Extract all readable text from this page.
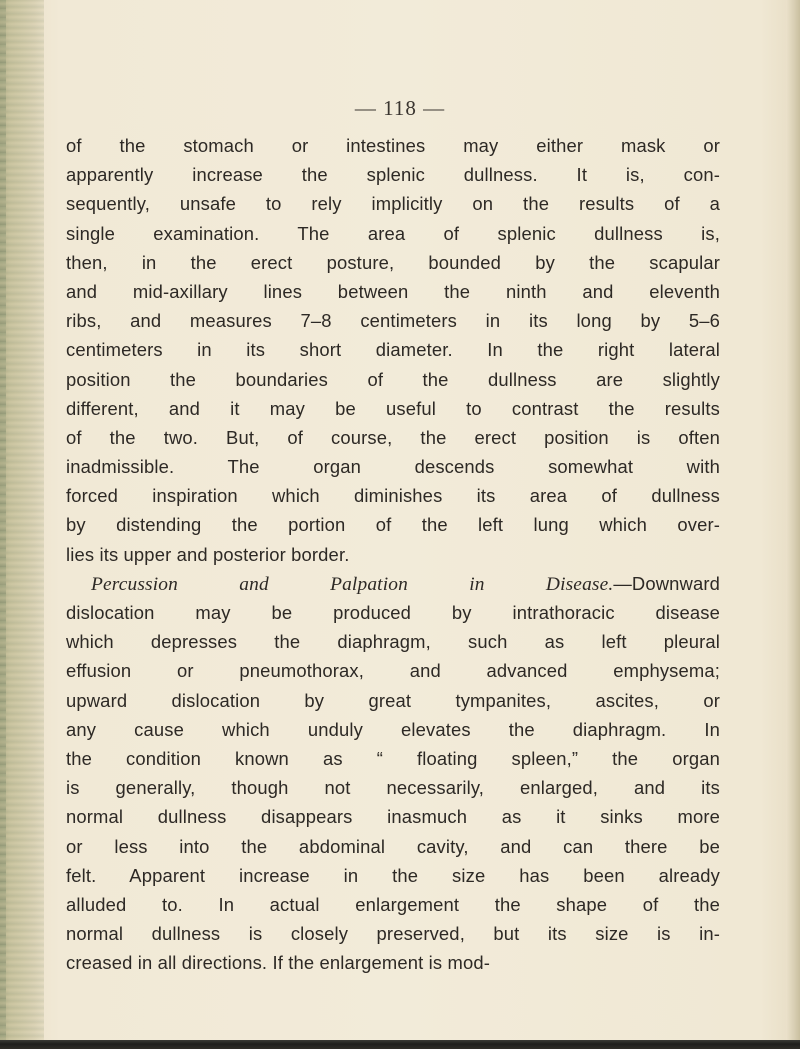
— 118 —

of the stomach or intestines may either mask or
apparently increase the splenic dullness. It is, con-
sequently, unsafe to rely implicitly on the results of a
single examination. The area of splenic dullness is,
then, in the erect posture, bounded by the scapular
and mid-axillary lines between the ninth and eleventh
ribs, and measures 7–8 centimeters in its long by 5–6
centimeters in its short diameter. In the right lateral
position the boundaries of the dullness are slightly
different, and it may be useful to contrast the results
of the two. But, of course, the erect position is often
inadmissible. The organ descends somewhat with
forced inspiration which diminishes its area of dullness
by distending the portion of the left lung which over-
lies its upper and posterior border.
Percussion and Palpation in Disease.—Downward
dislocation may be produced by intrathoracic disease
which depresses the diaphragm, such as left pleural
effusion or pneumothorax, and advanced emphysema;
upward dislocation by great tympanites, ascites, or
any cause which unduly elevates the diaphragm. In
the condition known as “ floating spleen,” the organ
is generally, though not necessarily, enlarged, and its
normal dullness disappears inasmuch as it sinks more
or less into the abdominal cavity, and can there be
felt. Apparent increase in the size has been already
alluded to. In actual enlargement the shape of the
normal dullness is closely preserved, but its size is in-
creased in all directions. If the enlargement is mod-
